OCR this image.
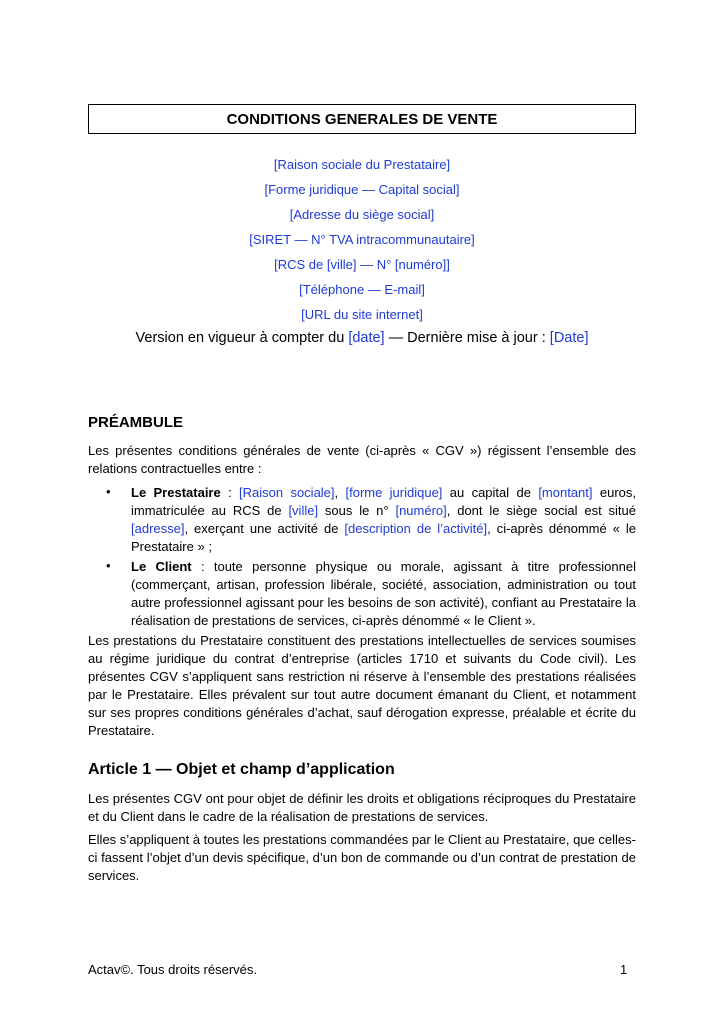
CONDITIONS GENERALES DE VENTE
[Raison sociale du Prestataire]
[Forme juridique — Capital social]
[Adresse du siège social]
[SIRET — N° TVA intracommunautaire]
[RCS de [ville] — N° [numéro]]
[Téléphone — E-mail]
[URL du site internet]
Version en vigueur à compter du [date] — Dernière mise à jour : [Date]
PRÉAMBULE
Les présentes conditions générales de vente (ci-après « CGV ») régissent l’ensemble des relations contractuelles entre :
• Le Prestataire : [Raison sociale], [forme juridique] au capital de [montant] euros, immatriculée au RCS de [ville] sous le n° [numéro], dont le siège social est situé [adresse], exerçant une activité de [description de l’activité], ci-après dénommé « le Prestataire » ;
• Le Client : toute personne physique ou morale, agissant à titre professionnel (commerçant, artisan, profession libérale, société, association, administration ou tout autre professionnel agissant pour les besoins de son activité), confiant au Prestataire la réalisation de prestations de services, ci-après dénommé « le Client ».
Les prestations du Prestataire constituent des prestations intellectuelles de services soumises au régime juridique du contrat d’entreprise (articles 1710 et suivants du Code civil). Les présentes CGV s’appliquent sans restriction ni réserve à l’ensemble des prestations réalisées par le Prestataire. Elles prévalent sur tout autre document émanant du Client, et notamment sur ses propres conditions générales d’achat, sauf dérogation expresse, préalable et écrite du Prestataire.
Article 1 — Objet et champ d’application
Les présentes CGV ont pour objet de définir les droits et obligations réciproques du Prestataire et du Client dans le cadre de la réalisation de prestations de services.
Elles s’appliquent à toutes les prestations commandées par le Client au Prestataire, que celles-ci fassent l’objet d’un devis spécifique, d’un bon de commande ou d’un contrat de prestation de services.
Actav©. Tous droits réservés.	1
